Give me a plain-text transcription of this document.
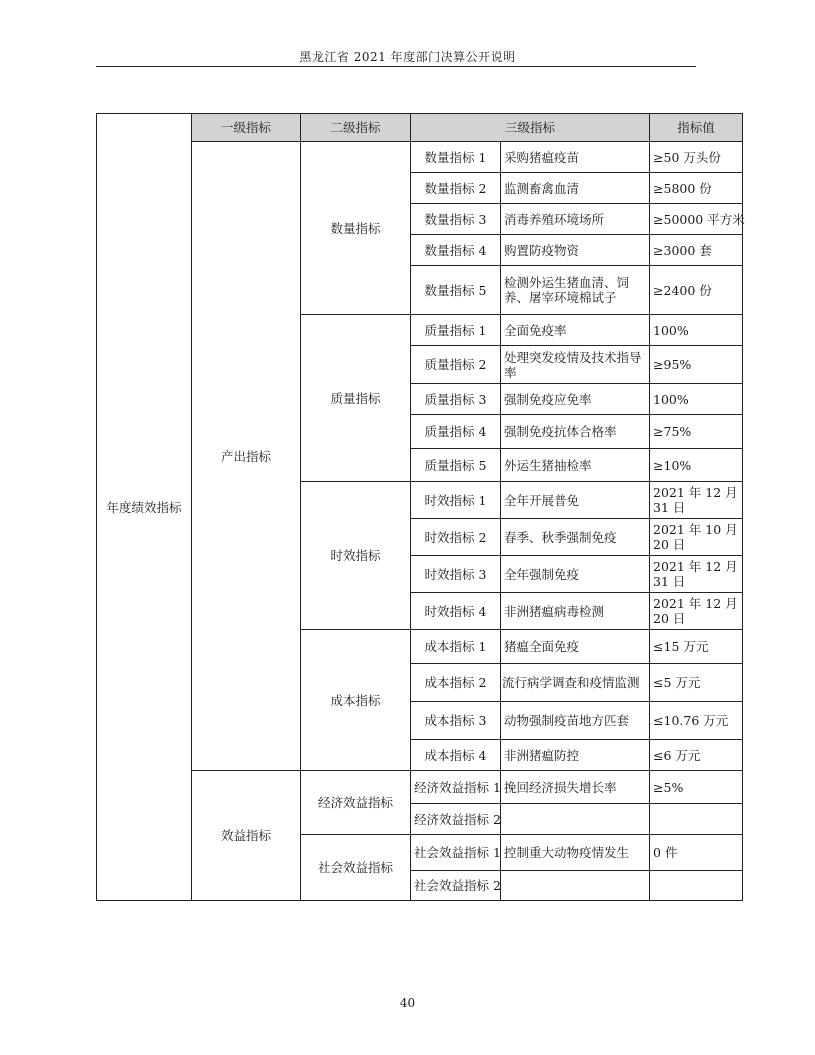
黑龙江省 2021 年度部门决算公开说明
年度绩效指标	一级指标	二级指标	三级指标		指标值
	产出指标	数量指标	数量指标 1	采购猪瘟疫苗	≥50 万头份
			数量指标 2	监测畜禽血清	≥5800 份
			数量指标 3	消毒养殖环境场所	≥50000 平方米
			数量指标 4	购置防疫物资	≥3000 套
			数量指标 5	检测外运生猪血清、饲养、屠宰环境棉试子	≥2400 份
		质量指标	质量指标 1	全面免疫率	100%
			质量指标 2	处理突发疫情及技术指导率	≥95%
			质量指标 3	强制免疫应免率	100%
			质量指标 4	强制免疫抗体合格率	≥75%
			质量指标 5	外运生猪抽检率	≥10%
		时效指标	时效指标 1	全年开展普免	2021 年 12 月 31 日
			时效指标 2	春季、秋季强制免疫	2021 年 10 月 20 日
			时效指标 3	全年强制免疫	2021 年 12 月 31 日
			时效指标 4	非洲猪瘟病毒检测	2021 年 12 月 20 日
		成本指标	成本指标 1	猪瘟全面免疫	≤15 万元
			成本指标 2	流行病学调查和疫情监测	≤5 万元
			成本指标 3	动物强制疫苗地方匹套	≤10.76 万元
			成本指标 4	非洲猪瘟防控	≤6 万元
	效益指标	经济效益指标	经济效益指标 1	挽回经济损失增长率	≥5%
			经济效益指标 2		
		社会效益指标	社会效益指标 1	控制重大动物疫情发生	0 件
			社会效益指标 2		
40
